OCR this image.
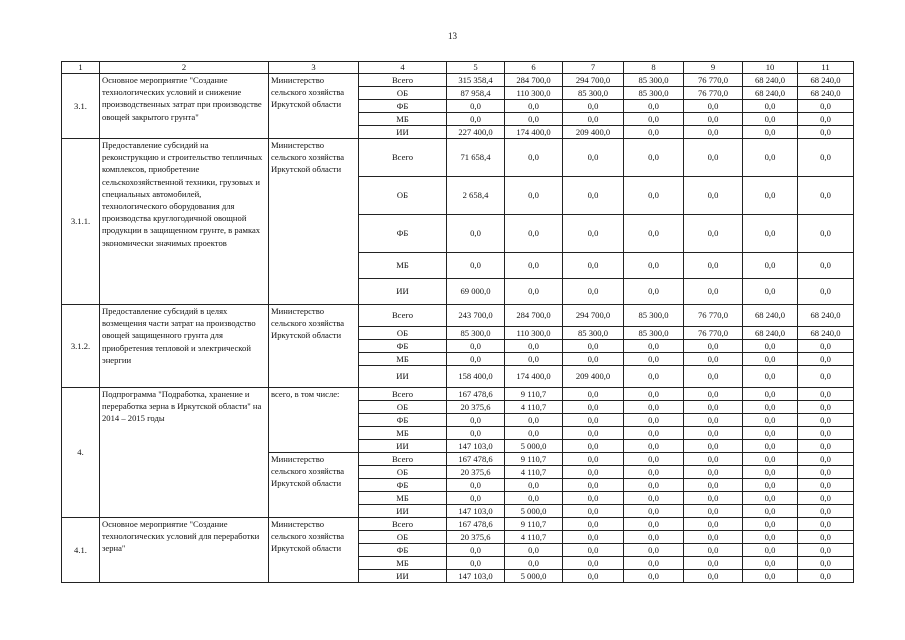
13
1	2	3	4	5	6	7	8	9	10	11
3.1.	Основное мероприятие "Создание технологических условий и снижение производственных затрат при производстве овощей закрытого грунта"	Министерство сельского хозяйства Иркутской области	Всего	315 358,4	284 700,0	294 700,0	85 300,0	76 770,0	68 240,0	68 240,0
			ОБ	87 958,4	110 300,0	85 300,0	85 300,0	76 770,0	68 240,0	68 240,0
			ФБ	0,0	0,0	0,0	0,0	0,0	0,0	0,0
			МБ	0,0	0,0	0,0	0,0	0,0	0,0	0,0
			ИИ	227 400,0	174 400,0	209 400,0	0,0	0,0	0,0	0,0
3.1.1.	Предоставление субсидий на реконструкцию и строительство тепличных комплексов, приобретение сельскохозяйственной техники, грузовых и специальных автомобилей, технологического оборудования для производства круглогодичной овощной продукции в защищенном грунте, в рамках экономически значимых проектов	Министерство сельского хозяйства Иркутской области	Всего	71 658,4	0,0	0,0	0,0	0,0	0,0	0,0
			ОБ	2 658,4	0,0	0,0	0,0	0,0	0,0	0,0
			ФБ	0,0	0,0	0,0	0,0	0,0	0,0	0,0
			МБ	0,0	0,0	0,0	0,0	0,0	0,0	0,0
			ИИ	69 000,0	0,0	0,0	0,0	0,0	0,0	0,0
3.1.2.	Предоставление субсидий в целях возмещения части затрат на производство овощей защищенного грунта для приобретения тепловой и электрической энергии	Министерство сельского хозяйства Иркутской области	Всего	243 700,0	284 700,0	294 700,0	85 300,0	76 770,0	68 240,0	68 240,0
			ОБ	85 300,0	110 300,0	85 300,0	85 300,0	76 770,0	68 240,0	68 240,0
			ФБ	0,0	0,0	0,0	0,0	0,0	0,0	0,0
			МБ	0,0	0,0	0,0	0,0	0,0	0,0	0,0
			ИИ	158 400,0	174 400,0	209 400,0	0,0	0,0	0,0	0,0
4.	Подпрограмма "Подработка, хранение и переработка зерна в Иркутской области" на 2014 – 2015 годы	всего, в том числе:	Всего	167 478,6	9 110,7	0,0	0,0	0,0	0,0	0,0
			ОБ	20 375,6	4 110,7	0,0	0,0	0,0	0,0	0,0
			ФБ	0,0	0,0	0,0	0,0	0,0	0,0	0,0
			МБ	0,0	0,0	0,0	0,0	0,0	0,0	0,0
			ИИ	147 103,0	5 000,0	0,0	0,0	0,0	0,0	0,0
		Министерство сельского хозяйства Иркутской области	Всего	167 478,6	9 110,7	0,0	0,0	0,0	0,0	0,0
			ОБ	20 375,6	4 110,7	0,0	0,0	0,0	0,0	0,0
			ФБ	0,0	0,0	0,0	0,0	0,0	0,0	0,0
			МБ	0,0	0,0	0,0	0,0	0,0	0,0	0,0
			ИИ	147 103,0	5 000,0	0,0	0,0	0,0	0,0	0,0
4.1.	Основное мероприятие "Создание технологических условий для переработки зерна"	Министерство сельского хозяйства Иркутской области	Всего	167 478,6	9 110,7	0,0	0,0	0,0	0,0	0,0
			ОБ	20 375,6	4 110,7	0,0	0,0	0,0	0,0	0,0
			ФБ	0,0	0,0	0,0	0,0	0,0	0,0	0,0
			МБ	0,0	0,0	0,0	0,0	0,0	0,0	0,0
			ИИ	147 103,0	5 000,0	0,0	0,0	0,0	0,0	0,0
